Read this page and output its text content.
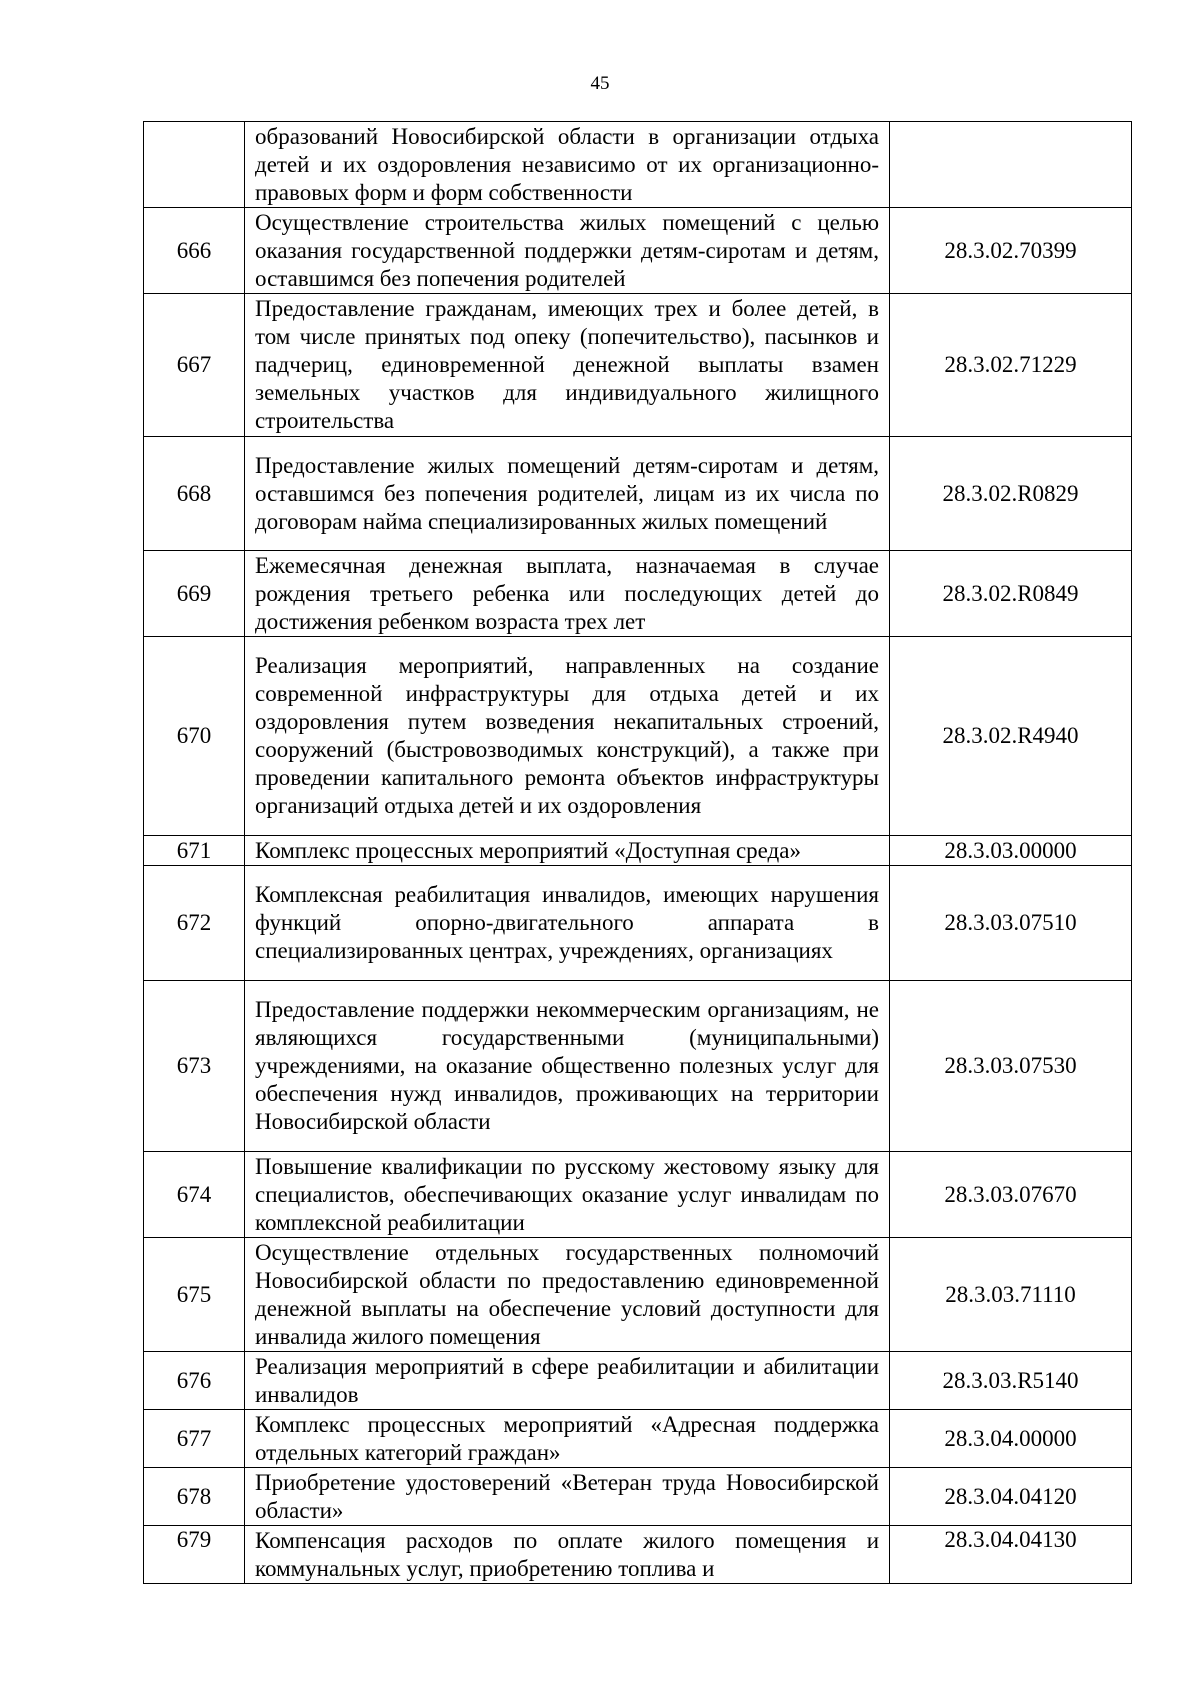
45
	образований Новосибирской области в организации отдыха детей и их оздоровления независимо от их организационно-правовых форм и форм собственности	
666	Осуществление строительства жилых помещений с целью оказания государственной поддержки детям-сиротам и детям, оставшимся без попечения родителей	28.3.02.70399
667	Предоставление гражданам, имеющих трех и более детей, в том числе принятых под опеку (попечительство), пасынков и падчериц, единовременной денежной выплаты взамен земельных участков для индивидуального жилищного строительства	28.3.02.71229
668	Предоставление жилых помещений детям-сиротам и детям, оставшимся без попечения родителей, лицам из их числа по договорам найма специализированных жилых помещений	28.3.02.R0829
669	Ежемесячная денежная выплата, назначаемая в случае рождения третьего ребенка или последующих детей до достижения ребенком возраста трех лет	28.3.02.R0849
670	Реализация мероприятий, направленных на создание современной инфраструктуры для отдыха детей и их оздоровления путем возведения некапитальных строений, сооружений (быстровозводимых конструкций), а также при проведении капитального ремонта объектов инфраструктуры организаций отдыха детей и их оздоровления	28.3.02.R4940
671	Комплекс процессных мероприятий «Доступная среда»	28.3.03.00000
672	Комплексная реабилитация инвалидов, имеющих нарушения функций опорно-двигательного аппарата в специализированных центрах, учреждениях, организациях	28.3.03.07510
673	Предоставление поддержки некоммерческим организациям, не являющихся государственными (муниципальными) учреждениями, на оказание общественно полезных услуг для обеспечения нужд инвалидов, проживающих на территории Новосибирской области	28.3.03.07530
674	Повышение квалификации по русскому жестовому языку для специалистов, обеспечивающих оказание услуг инвалидам по комплексной реабилитации	28.3.03.07670
675	Осуществление отдельных государственных полномочий Новосибирской области по предоставлению единовременной денежной выплаты на обеспечение условий доступности для инвалида жилого помещения	28.3.03.71110
676	Реализация мероприятий в сфере реабилитации и абилитации инвалидов	28.3.03.R5140
677	Комплекс процессных мероприятий «Адресная поддержка отдельных категорий граждан»	28.3.04.00000
678	Приобретение удостоверений «Ветеран труда Новосибирской области»	28.3.04.04120
679	Компенсация расходов по оплате жилого помещения и коммунальных услуг, приобретению топлива и	28.3.04.04130
